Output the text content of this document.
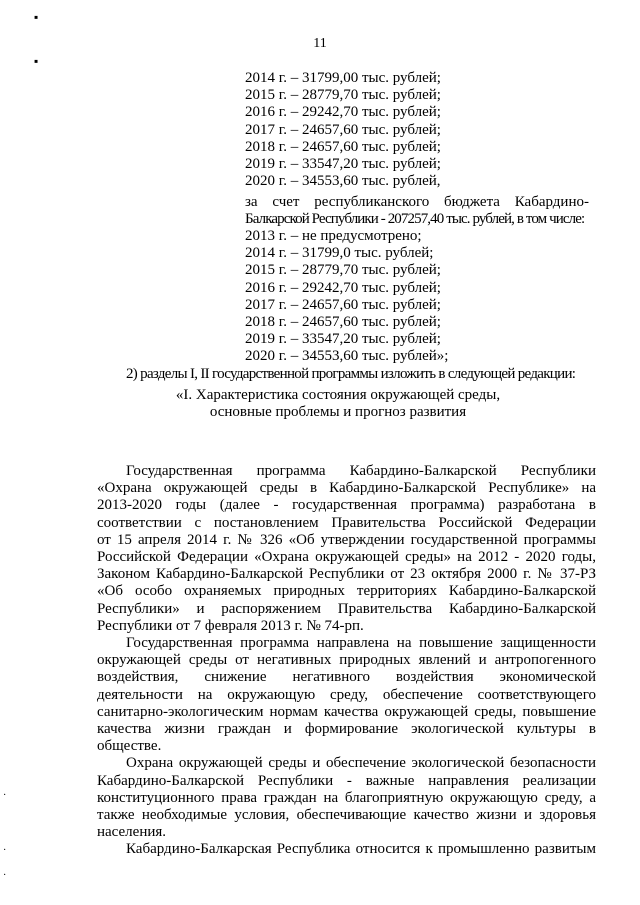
▪
▪
11
2014 г. – 31799,00 тыс. рублей;
2015 г. – 28779,70 тыс. рублей;
2016 г. – 29242,70 тыс. рублей;
2017 г. – 24657,60 тыс. рублей;
2018 г. – 24657,60 тыс. рублей;
2019 г. – 33547,20 тыс. рублей;
2020 г. – 34553,60 тыс. рублей,
за счет республиканского бюджета Кабардино-
Балкарской Республики - 207257,40 тыс. рублей, в том числе:
2013 г. – не предусмотрено;
2014 г. – 31799,0 тыс. рублей;
2015 г. – 28779,70 тыс. рублей;
2016 г. – 29242,70 тыс. рублей;
2017 г. – 24657,60 тыс. рублей;
2018 г. – 24657,60 тыс. рублей;
2019 г. – 33547,20 тыс. рублей;
2020 г. – 34553,60 тыс. рублей»;
2) разделы I, II государственной программы изложить в следующей редакции:
«I. Характеристика состояния окружающей среды,
основные проблемы и прогноз развития
Государственная программа Кабардино-Балкарской Республики
«Охрана окружающей среды в Кабардино-Балкарской Республике» на
2013-2020 годы (далее - государственная программа) разработана в
соответствии с постановлением Правительства Российской Федерации
от 15 апреля 2014 г. № 326 «Об утверждении государственной программы
Российской Федерации «Охрана окружающей среды» на 2012 - 2020 годы,
Законом Кабардино-Балкарской Республики от 23 октября 2000 г. № 37-РЗ
«Об особо охраняемых природных территориях Кабардино-Балкарской
Республики» и распоряжением Правительства Кабардино-Балкарской
Республики от 7 февраля 2013 г. № 74-рп.
Государственная программа направлена на повышение защищенности
окружающей среды от негативных природных явлений и антропогенного
воздействия, снижение негативного воздействия экономической
деятельности на окружающую среду, обеспечение соответствующего
санитарно-экологическим нормам качества окружающей среды, повышение
качества жизни граждан и формирование экологической культуры в
обществе.
Охрана окружающей среды и обеспечение экологической безопасности
Кабардино-Балкарской Республики - важные направления реализации
конституционного права граждан на благоприятную окружающую среду, а
также необходимые условия, обеспечивающие качество жизни и здоровья
населения.
Кабардино-Балкарская Республика относится к промышленно развитым
·
·
·
